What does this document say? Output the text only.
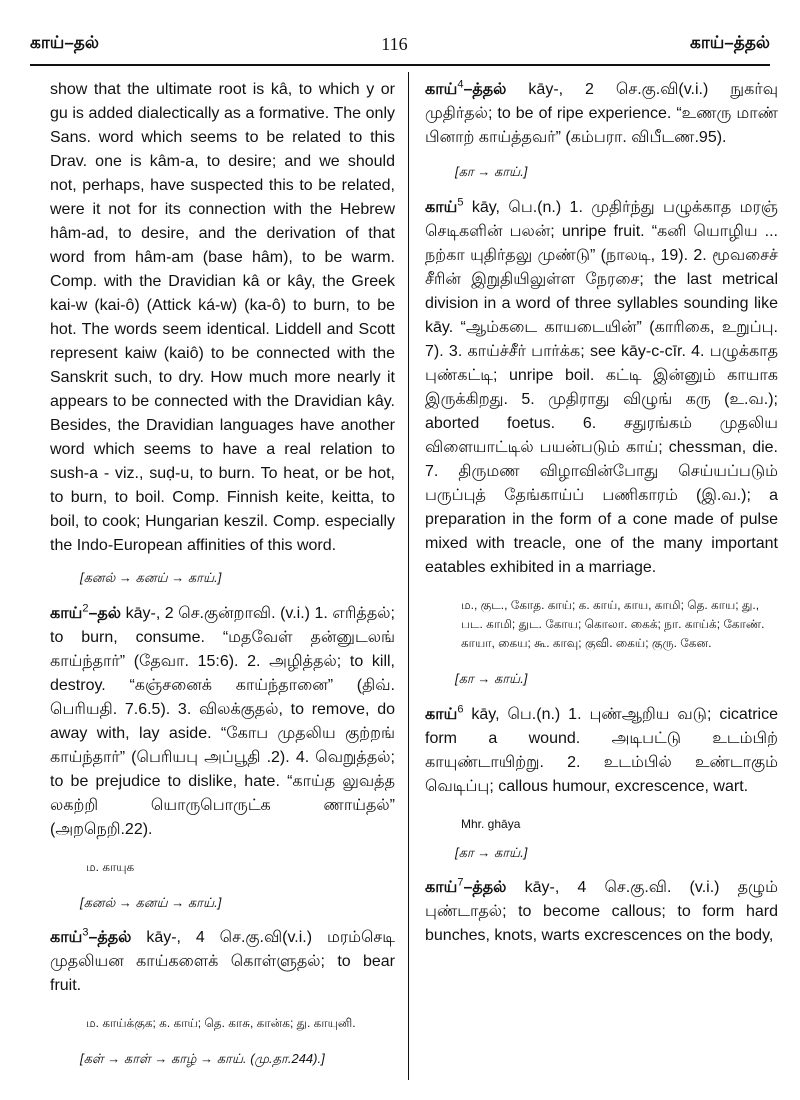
காய்–தல்	116	காய்–த்தல்

show that the ultimate root is kâ, to which y or gu is added dialectically as a formative. The only Sans. word which seems to be related to this Drav. one is kâm-a, to desire; and we should not, perhaps, have suspected this to be related, were it not for its connection with the Hebrew hâm-ad, to desire, and the derivation of that word from hâm-am (base hâm), to be warm. Comp. with the Dravidian kâ or kây, the Greek kai-w (kai-ô) (Attick ká-w) (ka-ô) to burn, to be hot. The words seem identical. Liddell and Scott represent kaiw (kaiô) to be connected with the Sanskrit such, to dry. How much more nearly it appears to be connected with the Dravidian kây. Besides, the Dravidian languages have another word which seems to have a real relation to sush-a - viz., suḍ-u, to burn. To heat, or be hot, to burn, to boil. Comp. Finnish keite, keitta, to boil, to cook; Hungarian keszil. Comp. especially the Indo-European affinities of this word.

[கனல் → கனய் → காய்.]

காய்$^2$–தல் kāy-, 2 செ.குன்றாவி. (v.i.) 1. எரித்தல்; to burn, consume. “மதவேள் தன்னுடலங் காய்ந்தார்” (தேவா. 15:6). 2. அழித்தல்; to kill, destroy. “கஞ்சனைக் காய்ந்தானை” (திவ். பெரியதி. 7.6.5). 3. விலக்குதல், to remove, do away with, lay aside. “கோப முதலிய குற்றங் காய்ந்தார்” (பெரியபு அப்பூதி .2). 4. வெறுத்தல்; to be prejudice to dislike, hate. “காய்த லுவத்த லகற்றி யொருபொருட்க ணாய்தல்” (அறநெறி.22).

ம. காயுக
[கனல் → கனய் → காய்.]

காய்$^3$–த்தல் kāy-, 4 செ.கு.வி(v.i.) மரம்செடி முதலியன காய்களைக் கொள்ளுதல்; to bear fruit.

ம. காய்க்குக; க. காய்; தெ. காசு, கான்க; து. காயுனி.
[கள் → காள் → காழ் → காய். (மு.தா.244).]

காய்$^4$–த்தல் kāy-, 2 செ.கு.வி(v.i.) நுகர்வு முதிர்தல்; to be of ripe experience. “உணரு மாண் பினாற் காய்த்தவர்” (கம்பரா. விபீடண.95).

[கா → காய்.]

காய்$^5$ kāy, பெ.(n.) 1. முதிர்ந்து பழுக்காத மரஞ் செடிகளின் பலன்; unripe fruit. “கனி யொழிய ... நற்கா யுதிர்தலு முண்டு” (நாலடி, 19). 2. மூவசைச் சீரின் இறுதியிலுள்ள நேரசை; the last metrical division in a word of three syllables sounding like kāy. “ஆம்கடை காயடையின்” (காரிகை, உறுப்பு. 7). 3. காய்ச்சீர் பார்க்க; see kāy-c-cīr. 4. பழுக்காத புண்கட்டி; unripe boil. கட்டி இன்னும் காயாக இருக்கிறது. 5. முதிராது விழுங் கரு (உ.வ.); aborted foetus. 6. சதுரங்கம் முதலிய விளையாட்டில் பயன்படும் காய்; chessman, die. 7. திருமண விழாவின்போது செய்யப்படும் பருப்புத் தேங்காய்ப் பணிகாரம் (இ.வ.); a preparation in the form of a cone made of pulse mixed with treacle, one of the many important eatables exhibited in a marriage.

ம., குட., கோத. காய்; க. காய், காய, காமி; தெ. காய; து., பட. காமி; துட. கோய; கொலா. கைக்; நா. காய்க்; கோண். காயா, கைய; கூ. காவு; குவி. கைய்; குரு. கேன.
[கா → காய்.]

காய்$^6$ kāy, பெ.(n.) 1. புண்ஆறிய வடு; cicatrice form a wound. அடிபட்டு உடம்பிற் காயுண்டாயிற்று. 2. உடம்பில் உண்டாகும் வெடிப்பு; callous humour, excrescence, wart.

Mhr. ghāya
[கா → காய்.]

காய்$^7$–த்தல் kāy-, 4 செ.கு.வி. (v.i.) தழும் புண்டாதல்; to become callous; to form hard bunches, knots, warts excrescences on the body,
